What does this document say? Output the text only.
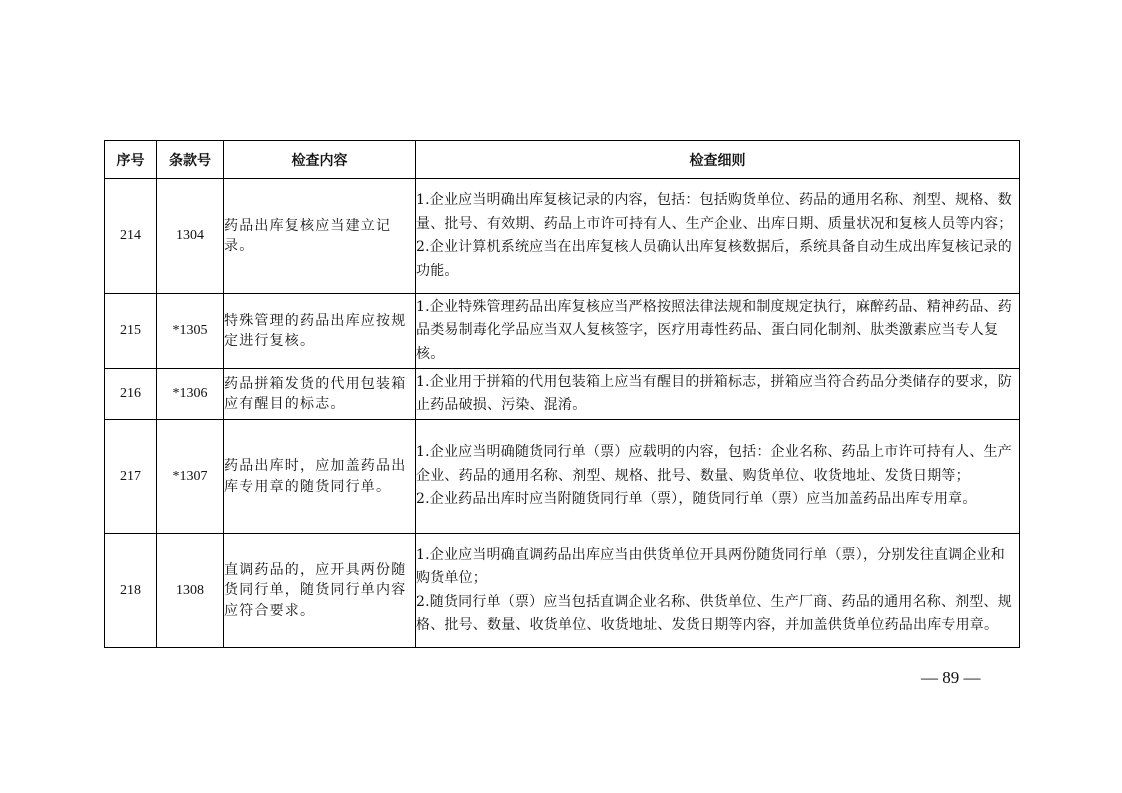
序号	条款号	检查内容	检查细则
214	1304	药品出库复核应当建立记录。	1.企业应当明确出库复核记录的内容，包括：包括购货单位、药品的通用名称、剂型、规格、数量、批号、有效期、药品上市许可持有人、生产企业、出库日期、质量状况和复核人员等内容；
2.企业计算机系统应当在出库复核人员确认出库复核数据后，系统具备自动生成出库复核记录的功能。

215	*1305	特殊管理的药品出库应按规定进行复核。	1.企业特殊管理药品出库复核应当严格按照法律法规和制度规定执行，麻醉药品、精神药品、药品类易制毒化学品应当双人复核签字，医疗用毒性药品、蛋白同化制剂、肽类激素应当专人复核。

216	*1306	药品拼箱发货的代用包装箱应有醒目的标志。	1.企业用于拼箱的代用包装箱上应当有醒目的拼箱标志，拼箱应当符合药品分类储存的要求，防止药品破损、污染、混淆。

217	*1307	药品出库时，应加盖药品出库专用章的随货同行单。	1.企业应当明确随货同行单（票）应载明的内容，包括：企业名称、药品上市许可持有人、生产企业、药品的通用名称、剂型、规格、批号、数量、购货单位、收货地址、发货日期等；
2.企业药品出库时应当附随货同行单（票），随货同行单（票）应当加盖药品出库专用章。

218	1308	直调药品的，应开具两份随货同行单，随货同行单内容应符合要求。	1.企业应当明确直调药品出库应当由供货单位开具两份随货同行单（票），分别发往直调企业和购货单位；
2.随货同行单（票）应当包括直调企业名称、供货单位、生产厂商、药品的通用名称、剂型、规格、批号、数量、收货单位、收货地址、发货日期等内容，并加盖供货单位药品出库专用章。
— 89 —
